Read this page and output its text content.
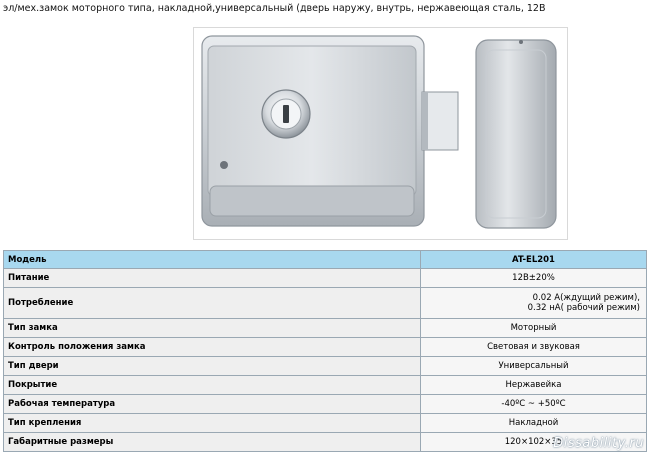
эл/мех.замок моторного типа, накладной,универсальный (дверь наружу, внутрь, нержавеющая сталь, 12В
Модель	AT-EL201
Питание	12В±20%
Потребление	0.02 А(ждущий режим),
0.32 нА( рабочий режим)

Тип замка	Моторный
Контроль положения замка	Световая и звуковая
Тип двери	Универсальный
Покрытие	Нержавейка
Рабочая температура	-40ºC ~ +50ºC
Тип крепления	Накладной
Габаритные размеры	120×102×35
Dissability.ru
